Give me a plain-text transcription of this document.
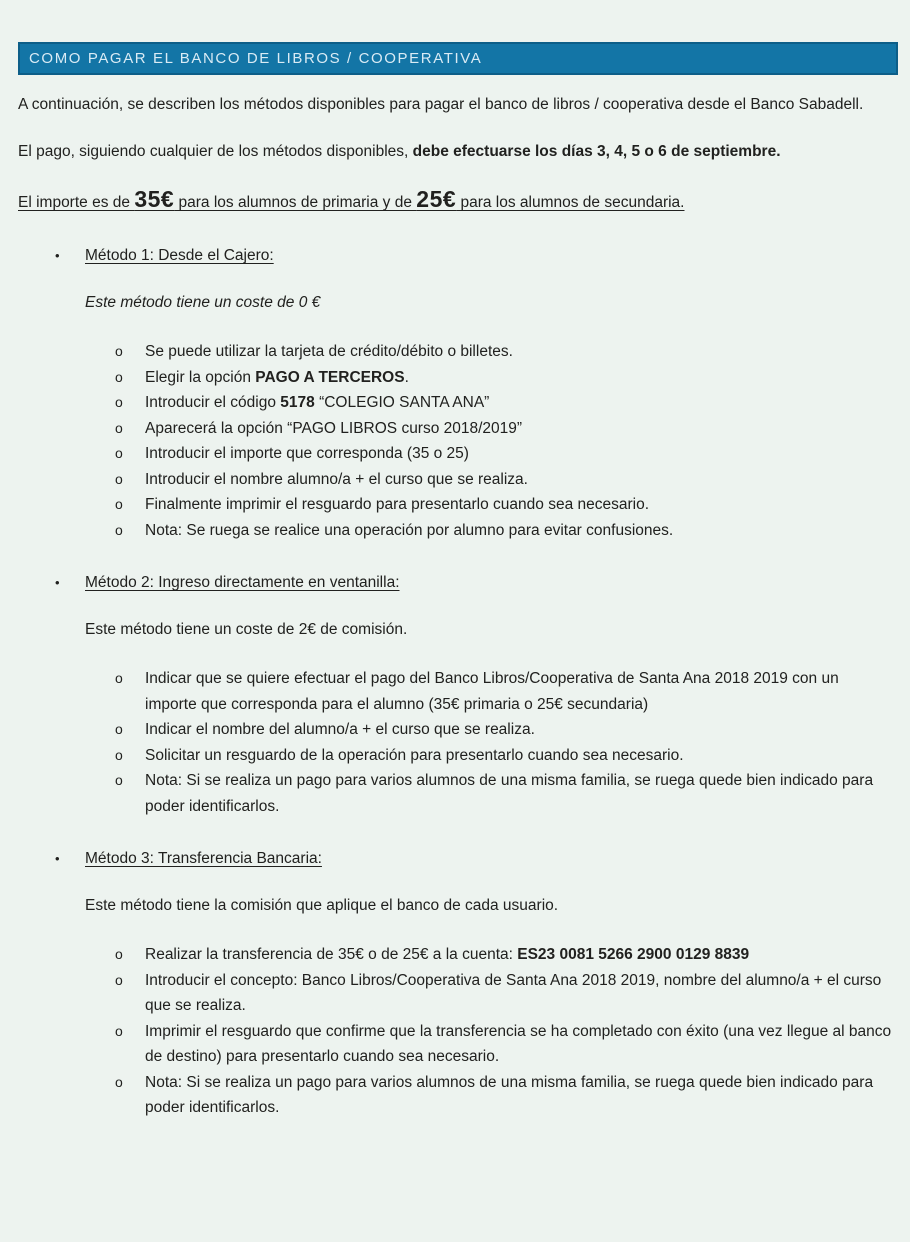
COMO PAGAR EL BANCO DE LIBROS / COOPERATIVA

A continuación, se describen los métodos disponibles para pagar el banco de libros / cooperativa desde el Banco Sabadell.

El pago, siguiendo cualquier de los métodos disponibles, debe efectuarse los días 3, 4, 5 o 6 de septiembre.

El importe es de 35€ para los alumnos de primaria y de 25€ para los alumnos de secundaria.

•	Método 1: Desde el Cajero:

Este método tiene un coste de 0 €

o	Se puede utilizar la tarjeta de crédito/débito o billetes.
o	Elegir la opción PAGO A TERCEROS.
o	Introducir el código 5178 “COLEGIO SANTA ANA”
o	Aparecerá la opción “PAGO LIBROS curso 2018/2019”
o	Introducir el importe que corresponda (35 o 25)
o	Introducir el nombre alumno/a + el curso que se realiza.
o	Finalmente imprimir el resguardo para presentarlo cuando sea necesario.
o	Nota: Se ruega se realice una operación por alumno para evitar confusiones.
•	Método 2: Ingreso directamente en ventanilla:

Este método tiene un coste de 2€ de comisión.

o	Indicar que se quiere efectuar el pago del Banco Libros/Cooperativa de Santa Ana 2018 2019 con un importe que corresponda para el alumno (35€ primaria o 25€ secundaria)
o	Indicar el nombre del alumno/a + el curso que se realiza.
o	Solicitar un resguardo de la operación para presentarlo cuando sea necesario.
o	Nota: Si se realiza un pago para varios alumnos de una misma familia, se ruega quede bien indicado para poder identificarlos.
•	Método 3: Transferencia Bancaria:

Este método tiene la comisión que aplique el banco de cada usuario.

o	Realizar la transferencia de 35€ o de 25€ a la cuenta: ES23 0081 5266 2900 0129 8839
o	Introducir el concepto: Banco Libros/Cooperativa de Santa Ana 2018 2019, nombre del alumno/a + el curso que se realiza.
o	Imprimir el resguardo que confirme que la transferencia se ha completado con éxito (una vez llegue al banco de destino) para presentarlo cuando sea necesario.
o	Nota: Si se realiza un pago para varios alumnos de una misma familia, se ruega quede bien indicado para poder identificarlos.
